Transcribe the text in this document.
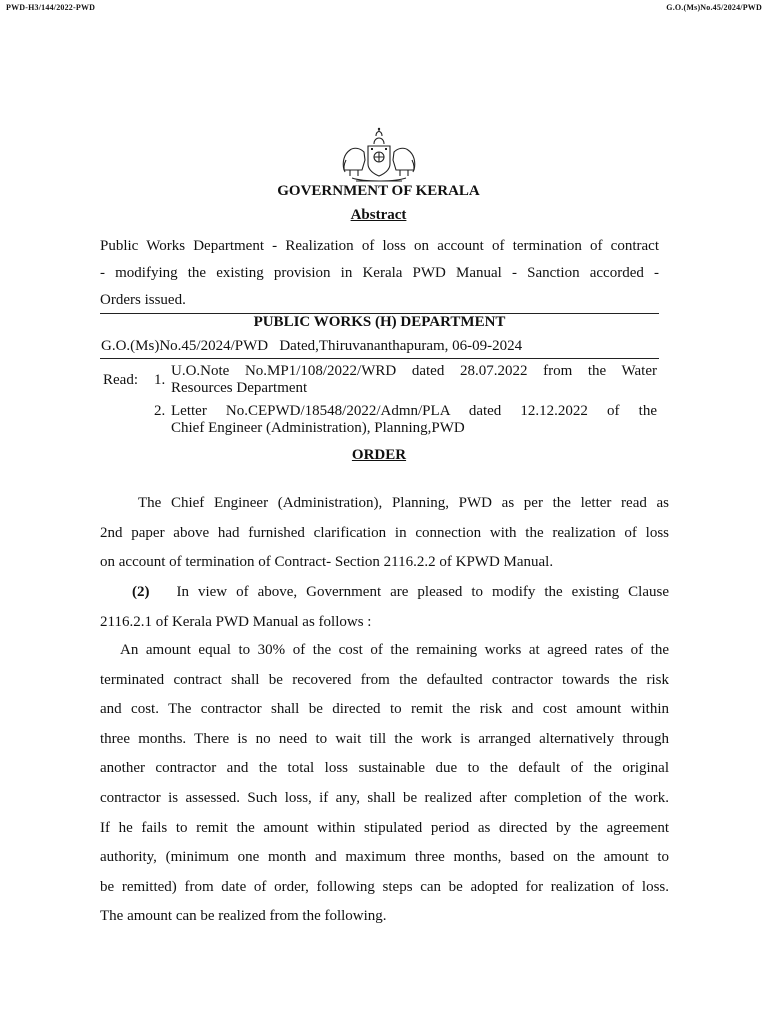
PWD-H3/144/2022-PWD	G.O.(Ms)No.45/2024/PWD
GOVERNMENT OF KERALA
Abstract
Public Works Department - Realization of loss on account of termination of contract
- modifying the existing provision in Kerala PWD Manual - Sanction accorded -
Orders issued.
PUBLIC WORKS (H) DEPARTMENT
G.O.(Ms)No.45/2024/PWD   Dated,Thiruvananthapuram, 06-09-2024
Read: 1.
U.O.Note No.MP1/108/2022/WRD dated 28.07.2022 from the Water
Resources Department
2. Letter No.CEPWD/18548/2022/Admn/PLA dated 12.12.2022 of the
Chief Engineer (Administration), Planning,PWD
ORDER
The Chief Engineer (Administration), Planning, PWD as per the letter read as
2nd paper above had furnished clarification in connection with the realization of loss
on account of termination of Contract- Section 2116.2.2 of KPWD Manual.
(2) In view of above, Government are pleased to modify the existing Clause
2116.2.1 of Kerala PWD Manual as follows :
An amount equal to 30% of the cost of the remaining works at agreed rates of the
terminated contract shall be recovered from the defaulted contractor towards the risk
and cost. The contractor shall be directed to remit the risk and cost amount within
three months. There is no need to wait till the work is arranged alternatively through
another contractor and the total loss sustainable due to the default of the original
contractor is assessed. Such loss, if any, shall be realized after completion of the work.
If he fails to remit the amount within stipulated period as directed by the agreement
authority, (minimum one month and maximum three months, based on the amount to
be remitted) from date of order, following steps can be adopted for realization of loss.
The amount can be realized from the following.
